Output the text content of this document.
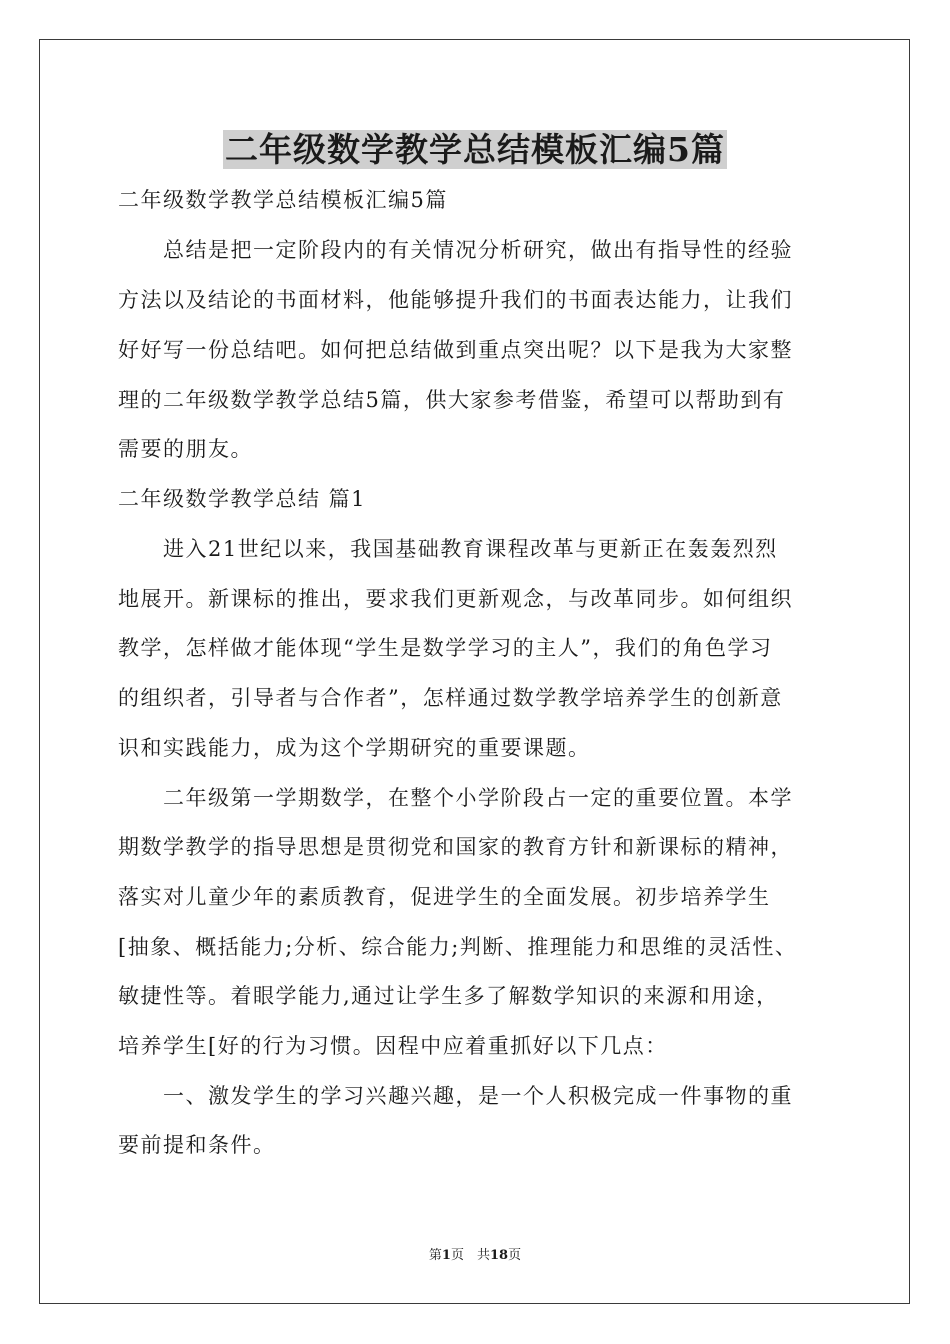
二年级数学教学总结模板汇编5篇
二年级数学教学总结模板汇编5篇
　　总结是把一定阶段内的有关情况分析研究，做出有指导性的经验
方法以及结论的书面材料，他能够提升我们的书面表达能力，让我们
好好写一份总结吧。如何把总结做到重点突出呢？以下是我为大家整
理的二年级数学教学总结5篇，供大家参考借鉴，希望可以帮助到有
需要的朋友。
二年级数学教学总结 篇1
　　进入21世纪以来，我国基础教育课程改革与更新正在轰轰烈烈
地展开。新课标的推出，要求我们更新观念，与改革同步。如何组织
教学，怎样做才能体现“学生是数学学习的主人”，我们的角色学习
的组织者，引导者与合作者”，怎样通过数学教学培养学生的创新意
识和实践能力，成为这个学期研究的重要课题。
　　二年级第一学期数学，在整个小学阶段占一定的重要位置。本学
期数学教学的指导思想是贯彻党和国家的教育方针和新课标的精神，
落实对儿童少年的素质教育，促进学生的全面发展。初步培养学生
[抽象、概括能力;分析、综合能力;判断、推理能力和思维的灵活性、
敏捷性等。着眼学能力,通过让学生多了解数学知识的来源和用途，
培养学生[好的行为习惯。因程中应着重抓好以下几点：
　　一、激发学生的学习兴趣兴趣，是一个人积极完成一件事物的重
要前提和条件。
第1页　共18页
